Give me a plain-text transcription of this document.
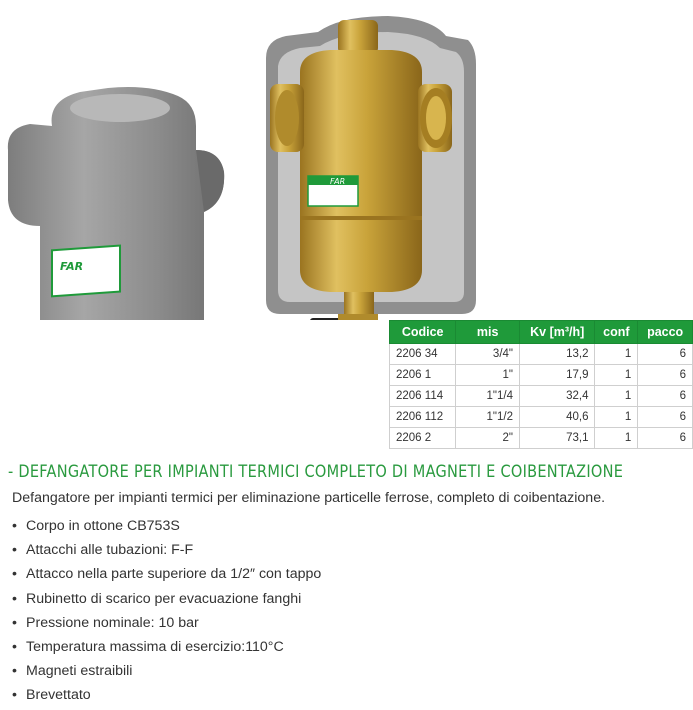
FAR
FAR
Codice	mis	Kv [m³/h]	conf	pacco
2206 34	3/4"	13,2	1	6
2206 1	1"	17,9	1	6
2206 114	1"1/4	32,4	1	6
2206 112	1"1/2	40,6	1	6
2206 2	2"	73,1	1	6
- DEFANGATORE PER IMPIANTI TERMICI COMPLETO DI MAGNETI E COIBENTAZIONE

Defangatore per impianti termici per eliminazione particelle ferrose, completo di coibentazione.

• Corpo in ottone CB753S
• Attacchi alle tubazioni: F-F
• Attacco nella parte superiore da 1/2″ con tappo
• Rubinetto di scarico per evacuazione fanghi
• Pressione nominale: 10 bar
• Temperatura massima di esercizio:110°C
• Magneti estraibili
• Brevettato
